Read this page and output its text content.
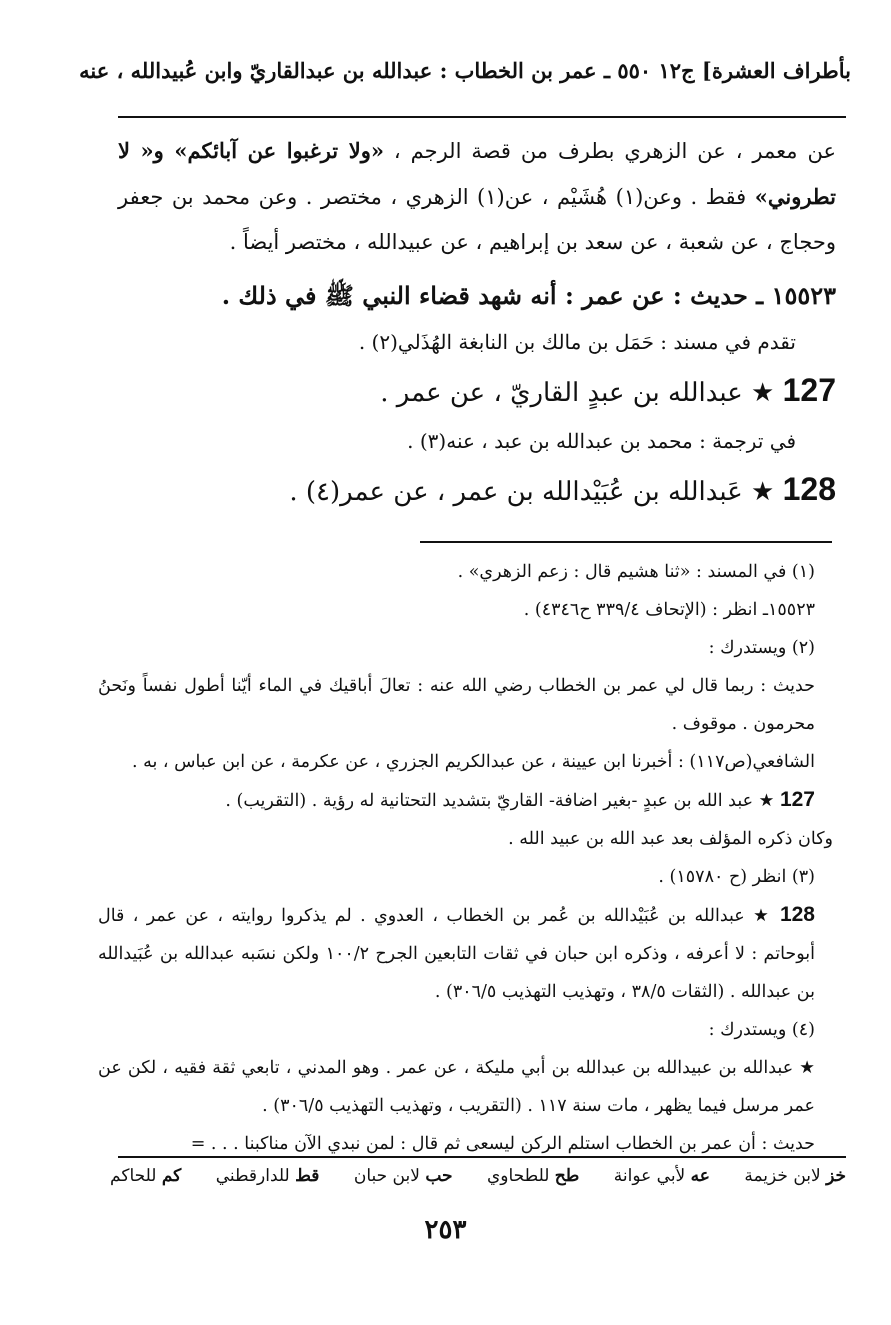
بأطراف العشرة] ج١٢ ٥٥٠ ـ عمر بن الخطاب : عبدالله بن عبدالقاريّ وابن عُبيدالله ، عنه

عن معمر ، عن الزهري بطرف من قصة الرجم ، «ولا ترغبوا عن آبائكم» و« لا تطروني» فقط . وعن(١) هُشَيْم ، عن(١) الزهري ، مختصر . وعن محمد بن جعفر وحجاج ، عن شعبة ، عن سعد بن إبراهيم ، عن عبيدالله ، مختصر أيضاً .

١٥٥٢٣ ـ حديث : عن عمر : أنه شهد قضاء النبي ﷺ في ذلك .

تقدم في مسند : حَمَل بن مالك بن النابغة الهُذَلي(٢) .

127 ★ عبدالله بن عبدٍ القاريّ ، عن عمر .

في ترجمة : محمد بن عبدالله بن عبد ، عنه(٣) .

128 ★ عَبدالله بن عُبَيْدالله بن عمر ، عن عمر(٤) .

(١) في المسند : «ثنا هشيم قال : زعم الزهري» .

١٥٥٢٣ـ انظر : (الإتحاف ٣٣٩/٤ ح٤٣٤٦) .

(٢) ويستدرك :

حديث : ربما قال لي عمر بن الخطاب رضي الله عنه : تعالَ أباقيك في الماء أيّنا أطول نفساً ونَحنُ محرمون . موقوف .

الشافعي(ص١١٧) : أخبرنا ابن عيينة ، عن عبدالكريم الجزري ، عن عكرمة ، عن ابن عباس ، به .

127 ★ عبد الله بن عبدٍ -بغير اضافة- القاريّ بتشديد التحتانية له رؤية . (التقريب) .

وكان ذكره المؤلف بعد عبد الله بن عبيد الله .

(٣) انظر (ح ١٥٧٨٠) .

128 ★ عبدالله بن عُبَيْدالله بن عُمر بن الخطاب ، العدوي . لم يذكروا روايته ، عن عمر ، قال أبوحاتم : لا أعرفه ، وذكره ابن حبان في ثقات التابعين الجرح ١٠٠/٢ ولكن نسَبه عبدالله بن عُبَيدالله بن عبدالله . (الثقات ٣٨/٥ ، وتهذيب التهذيب ٣٠٦/٥) .

(٤) ويستدرك :

★ عبدالله بن عبيدالله بن عبدالله بن أبي مليكة ، عن عمر . وهو المدني ، تابعي ثقة فقيه ، لكن عن عمر مرسل فيما يظهر ، مات سنة ١١٧ . (التقريب ، وتهذيب التهذيب ٣٠٦/٥) .

حديث : أن عمر بن الخطاب استلم الركن ليسعى ثم قال : لمن نبدي الآن مناكبنا . . . =

خز لابن خزيمة
عه لأبي عوانة
طح للطحاوي
حب لابن حبان
قط للدارقطني
كم للحاكم
٢٥٣
